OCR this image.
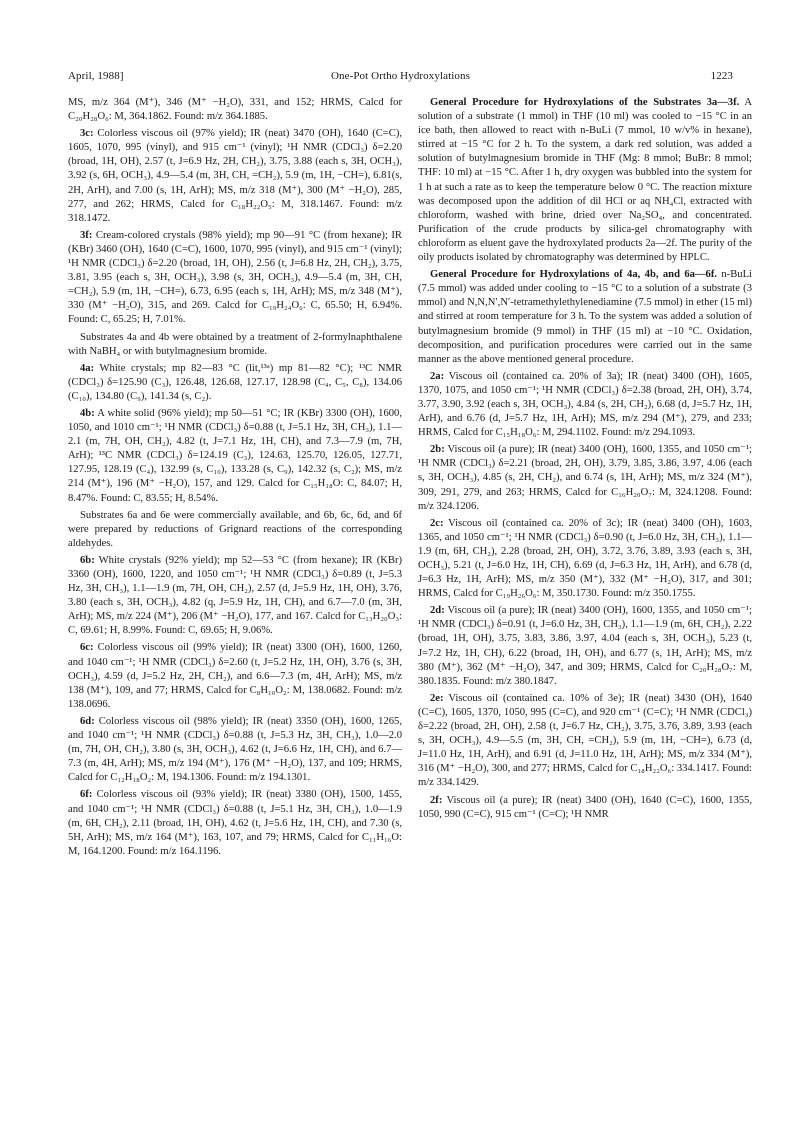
April, 1988]	One-Pot Ortho Hydroxylations	1223

MS, m/z 364 (M⁺), 346 (M⁺ −H₂O), 331, and 152; HRMS, Calcd for C₂₀H₂₈O₆: M, 364.1862. Found: m/z 364.1885.

3c: Colorless viscous oil (97% yield); IR (neat) 3470 (OH), 1640 (C=C), 1605, 1070, 995 (vinyl), and 915 cm⁻¹ (vinyl); ¹H NMR (CDCl₃) δ=2.20 (broad, 1H, OH), 2.57 (t, J=6.9 Hz, 2H, CH₂), 3.75, 3.88 (each s, 3H, OCH₃), 3.92 (s, 6H, OCH₃), 4.9—5.4 (m, 3H, CH, =CH₂), 5.9 (m, 1H, −CH=), 6.81(s, 2H, ArH), and 7.00 (s, 1H, ArH); MS, m/z 318 (M⁺), 300 (M⁺ −H₂O), 285, 277, and 262; HRMS, Calcd for C₁₈H₂₂O₅: M, 318.1467. Found: m/z 318.1472.

3f: Cream-colored crystals (98% yield); mp 90—91 °C (from hexane); IR (KBr) 3460 (OH), 1640 (C=C), 1600, 1070, 995 (vinyl), and 915 cm⁻¹ (vinyl); ¹H NMR (CDCl₃) δ=2.20 (broad, 1H, OH), 2.56 (t, J=6.8 Hz, 2H, CH₂), 3.75, 3.81, 3.95 (each s, 3H, OCH₃), 3.98 (s, 3H, OCH₃), 4.9—5.4 (m, 3H, CH, =CH₂), 5.9 (m, 1H, −CH=), 6.73, 6.95 (each s, 1H, ArH); MS, m/z 348 (M⁺), 330 (M⁺ −H₂O), 315, and 269. Calcd for C₁₉H₂₄O₆: C, 65.50; H, 6.94%. Found: C, 65.25; H, 7.01%.

Substrates 4a and 4b were obtained by a treatment of 2-formylnaphthalene with NaBH₄ or with butylmagnesium bromide.

4a: White crystals; mp 82—83 °C (lit,¹³ᵃ) mp 81—82 °C); ¹³C NMR (CDCl₃) δ=125.90 (C₃), 126.48, 126.68, 127.17, 128.98 (C₄, C₅, C₈), 134.06 (C₁₀), 134.80 (C₉), 141.34 (s, C₂).

4b: A white solid (96% yield); mp 50—51 °C; IR (KBr) 3300 (OH), 1600, 1050, and 1010 cm⁻¹; ¹H NMR (CDCl₃) δ=0.88 (t, J=5.1 Hz, 3H, CH₃), 1.1—2.1 (m, 7H, OH, CH₂), 4.82 (t, J=7.1 Hz, 1H, CH), and 7.3—7.9 (m, 7H, ArH); ¹³C NMR (CDCl₃) δ=124.19 (C₃), 124.63, 125.70, 126.05, 127.71, 127.95, 128.19 (C₄), 132.99 (s, C₁₀), 133.28 (s, C₉), 142.32 (s, C₂); MS, m/z 214 (M⁺), 196 (M⁺ −H₂O), 157, and 129. Calcd for C₁₅H₁₈O: C, 84.07; H, 8.47%. Found: C, 83.55; H, 8.54%.

Substrates 6a and 6e were commercially available, and 6b, 6c, 6d, and 6f were prepared by reductions of Grignard reactions of the corresponding aldehydes.

6b: White crystals (92% yield); mp 52—53 °C (from hexane); IR (KBr) 3360 (OH), 1600, 1220, and 1050 cm⁻¹; ¹H NMR (CDCl₃) δ=0.89 (t, J=5.3 Hz, 3H, CH₃), 1.1—1.9 (m, 7H, OH, CH₂), 2.57 (d, J=5.9 Hz, 1H, OH), 3.76, 3.80 (each s, 3H, OCH₃), 4.82 (q, J=5.9 Hz, 1H, CH), and 6.7—7.0 (m, 3H, ArH); MS, m/z 224 (M⁺), 206 (M⁺ −H₂O), 177, and 167. Calcd for C₁₃H₂₀O₃: C, 69.61; H, 8.99%. Found: C, 69.65; H, 9.06%.

6c: Colorless viscous oil (99% yield); IR (neat) 3300 (OH), 1600, 1260, and 1040 cm⁻¹; ¹H NMR (CDCl₃) δ=2.60 (t, J=5.2 Hz, 1H, OH), 3.76 (s, 3H, OCH₃), 4.59 (d, J=5.2 Hz, 2H, CH₂), and 6.6—7.3 (m, 4H, ArH); MS, m/z 138 (M⁺), 109, and 77; HRMS, Calcd for C₈H₁₀O₂: M, 138.0682. Found: m/z 138.0696.

6d: Colorless viscous oil (98% yield); IR (neat) 3350 (OH), 1600, 1265, and 1040 cm⁻¹; ¹H NMR (CDCl₃) δ=0.88 (t, J=5.3 Hz, 3H, CH₃), 1.0—2.0 (m, 7H, OH, CH₂), 3.80 (s, 3H, OCH₃), 4.62 (t, J=6.6 Hz, 1H, CH), and 6.7—7.3 (m, 4H, ArH); MS, m/z 194 (M⁺), 176 (M⁺ −H₂O), 137, and 109; HRMS, Calcd for C₁₂H₁₈O₂: M, 194.1306. Found: m/z 194.1301.

6f: Colorless viscous oil (93% yield); IR (neat) 3380 (OH), 1500, 1455, and 1040 cm⁻¹; ¹H NMR (CDCl₃) δ=0.88 (t, J=5.1 Hz, 3H, CH₃), 1.0—1.9 (m, 6H, CH₂), 2.11 (broad, 1H, OH), 4.62 (t, J=5.6 Hz, 1H, CH), and 7.30 (s, 5H, ArH); MS, m/z 164 (M⁺), 163, 107, and 79; HRMS, Calcd for C₁₁H₁₆O: M, 164.1200. Found: m/z 164.1196.

General Procedure for Hydroxylations of the Substrates 3a—3f. A solution of a substrate (1 mmol) in THF (10 ml) was cooled to −15 °C in an ice bath, then allowed to react with n-BuLi (7 mmol, 10 w/v% in hexane), stirred at −15 °C for 2 h. To the system, a dark red solution, was added a solution of butylmagnesium bromide in THF (Mg: 8 mmol; BuBr: 8 mmol; THF: 10 ml) at −15 °C. After 1 h, dry oxygen was bubbled into the system for 1 h at such a rate as to keep the temperature below 0 °C. The reaction mixture was decomposed upon the addition of dil HCl or aq NH₄Cl, extracted with chloroform, washed with brine, dried over Na₂SO₄, and concentrated. Purification of the crude products by silica-gel chromatography with chloroform as eluent gave the hydroxylated products 2a—2f. The purity of the oily products isolated by chromatography was determined by HPLC.

General Procedure for Hydroxylations of 4a, 4b, and 6a—6f. n-BuLi (7.5 mmol) was added under cooling to −15 °C to a solution of a substrate (3 mmol) and N,N,N′,N′-tetramethylethylenediamine (7.5 mmol) in ether (15 ml) and stirred at room temperature for 3 h. To the system was added a solution of butylmagnesium bromide (9 mmol) in THF (15 ml) at −10 °C. Oxidation, decomposition, and purification procedures were carried out in the same manner as the above mentioned general procedure.

2a: Viscous oil (contained ca. 20% of 3a); IR (neat) 3400 (OH), 1605, 1370, 1075, and 1050 cm⁻¹; ¹H NMR (CDCl₃) δ=2.38 (broad, 2H, OH), 3.74, 3.77, 3.90, 3.92 (each s, 3H, OCH₃), 4.84 (s, 2H, CH₂), 6.68 (d, J=5.7 Hz, 1H, ArH), and 6.76 (d, J=5.7 Hz, 1H, ArH); MS, m/z 294 (M⁺), 279, and 233; HRMS, Calcd for C₁₅H₁₈O₆: M, 294.1102. Found: m/z 294.1093.

2b: Viscous oil (a pure); IR (neat) 3400 (OH), 1600, 1355, and 1050 cm⁻¹; ¹H NMR (CDCl₃) δ=2.21 (broad, 2H, OH), 3.79, 3.85, 3.86, 3.97, 4.06 (each s, 3H, OCH₃), 4.85 (s, 2H, CH₂), and 6.74 (s, 1H, ArH); MS, m/z 324 (M⁺), 309, 291, 279, and 263; HRMS, Calcd for C₁₆H₂₀O₇: M, 324.1208. Found: m/z 324.1206.

2c: Viscous oil (contained ca. 20% of 3c); IR (neat) 3400 (OH), 1603, 1365, and 1050 cm⁻¹; ¹H NMR (CDCl₃) δ=0.90 (t, J=6.0 Hz, 3H, CH₃), 1.1—1.9 (m, 6H, CH₂), 2.28 (broad, 2H, OH), 3.72, 3.76, 3.89, 3.93 (each s, 3H, OCH₃), 5.21 (t, J=6.0 Hz, 1H, CH), 6.69 (d, J=6.3 Hz, 1H, ArH), and 6.78 (d, J=6.3 Hz, 1H, ArH); MS, m/z 350 (M⁺), 332 (M⁺ −H₂O), 317, and 301; HRMS, Calcd for C₁₉H₂₆O₆: M, 350.1730. Found: m/z 350.1755.

2d: Viscous oil (a pure); IR (neat) 3400 (OH), 1600, 1355, and 1050 cm⁻¹; ¹H NMR (CDCl₃) δ=0.91 (t, J=6.0 Hz, 3H, CH₃), 1.1—1.9 (m, 6H, CH₂), 2.22 (broad, 1H, OH), 3.75, 3.83, 3.86, 3.97, 4.04 (each s, 3H, OCH₃), 5.23 (t, J=7.2 Hz, 1H, CH), 6.22 (broad, 1H, OH), and 6.77 (s, 1H, ArH); MS, m/z 380 (M⁺), 362 (M⁺ −H₂O), 347, and 309; HRMS, Calcd for C₂₀H₂₈O₇: M, 380.1835. Found: m/z 380.1847.

2e: Viscous oil (contained ca. 10% of 3e); IR (neat) 3430 (OH), 1640 (C=C), 1605, 1370, 1050, 995 (C=C), and 920 cm⁻¹ (C=C); ¹H NMR (CDCl₃) δ=2.22 (broad, 2H, OH), 2.58 (t, J=6.7 Hz, CH₂), 3.75, 3.76, 3.89, 3.93 (each s, 3H, OCH₃), 4.9—5.5 (m, 3H, CH, =CH₂), 5.9 (m, 1H, −CH=), 6.73 (d, J=11.0 Hz, 1H, ArH), and 6.91 (d, J=11.0 Hz, 1H, ArH); MS, m/z 334 (M⁺), 316 (M⁺ −H₂O), 300, and 277; HRMS, Calcd for C₁₈H₂₂O₆: 334.1417. Found: m/z 334.1429.

2f: Viscous oil (a pure); IR (neat) 3400 (OH), 1640 (C=C), 1600, 1355, 1050, 990 (C=C), 915 cm⁻¹ (C=C); ¹H NMR
